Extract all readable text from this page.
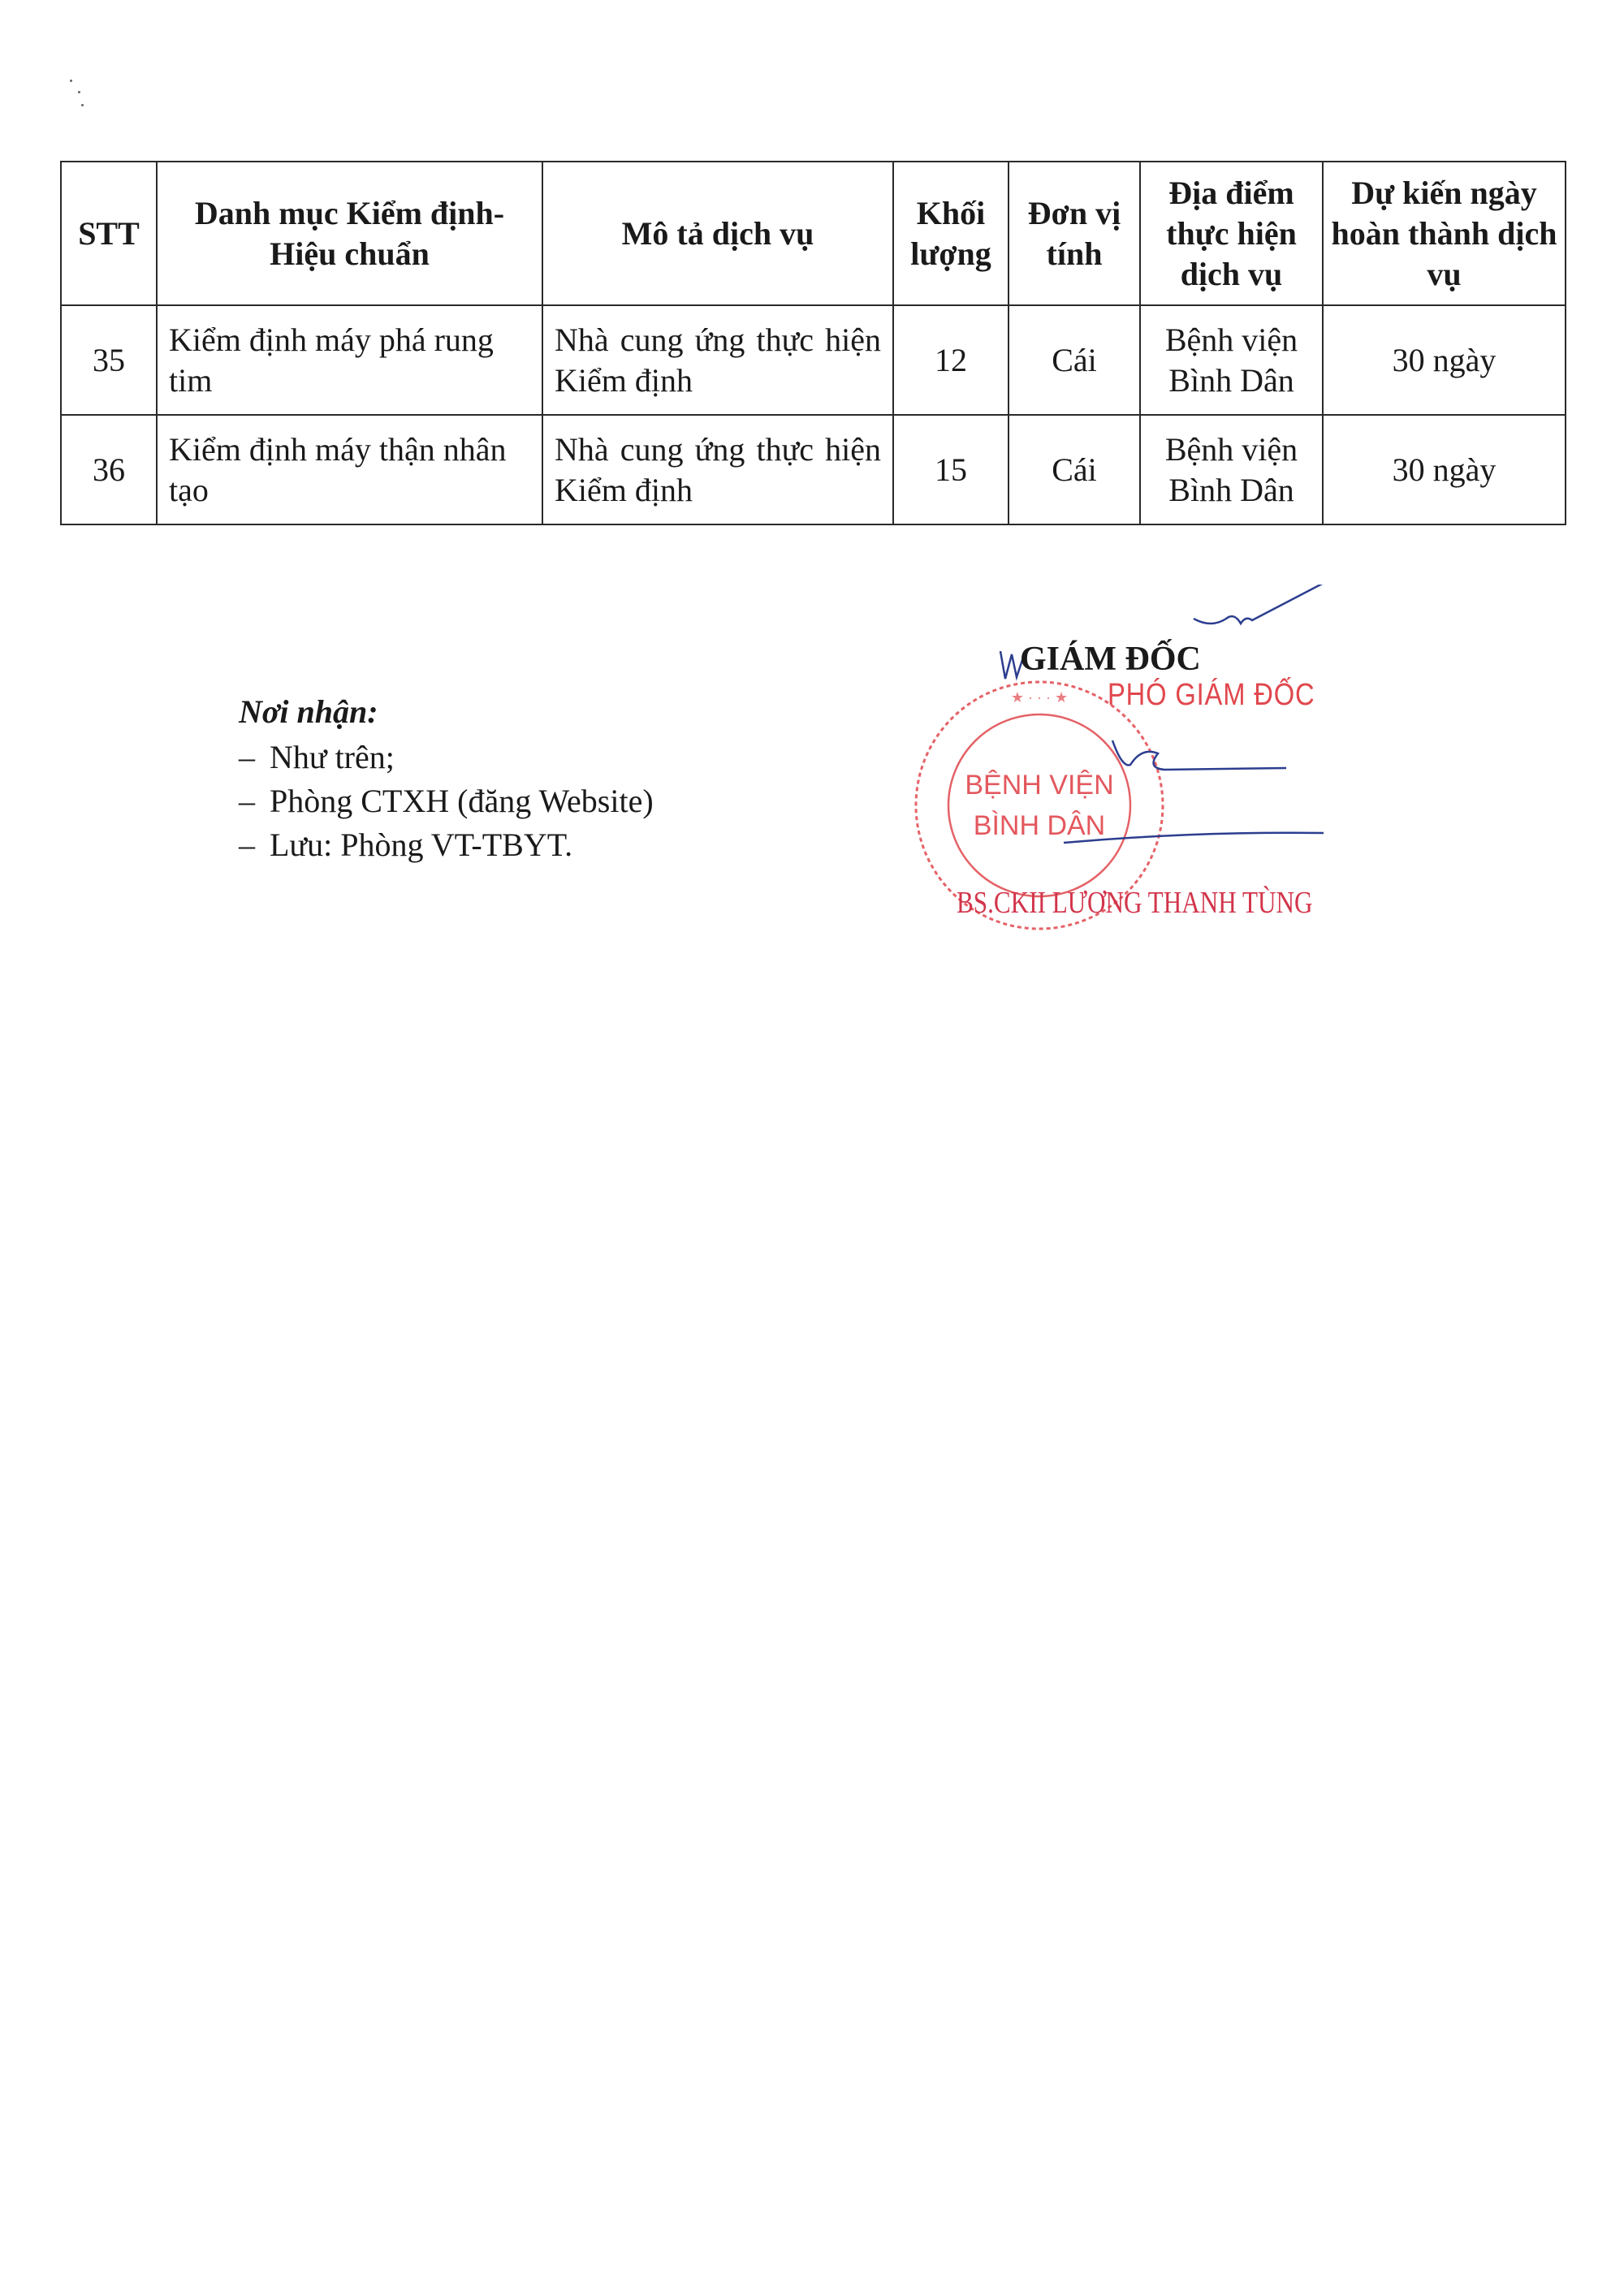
STT	Danh mục Kiểm định-Hiệu chuẩn	Mô tả dịch vụ	Khối lượng	Đơn vị tính	Địa điểm thực hiện dịch vụ	Dự kiến ngày hoàn thành dịch vụ
35	Kiểm định máy phá rung tim	Nhà cung ứng thực hiện Kiểm định	12	Cái	Bệnh viện Bình Dân	30 ngày
36	Kiểm định máy thận nhân tạo	Nhà cung ứng thực hiện Kiểm định	15	Cái	Bệnh viện Bình Dân	30 ngày
Nơi nhận:
– Như trên;
– Phòng CTXH (đăng Website)
– Lưu: Phòng VT-TBYT.
★ · · · ★
BỆNH VIỆN
BÌNH DÂN
GIÁM ĐỐC
PHÓ GIÁM ĐỐC
BS.CKII LƯƠNG THANH TÙNG
